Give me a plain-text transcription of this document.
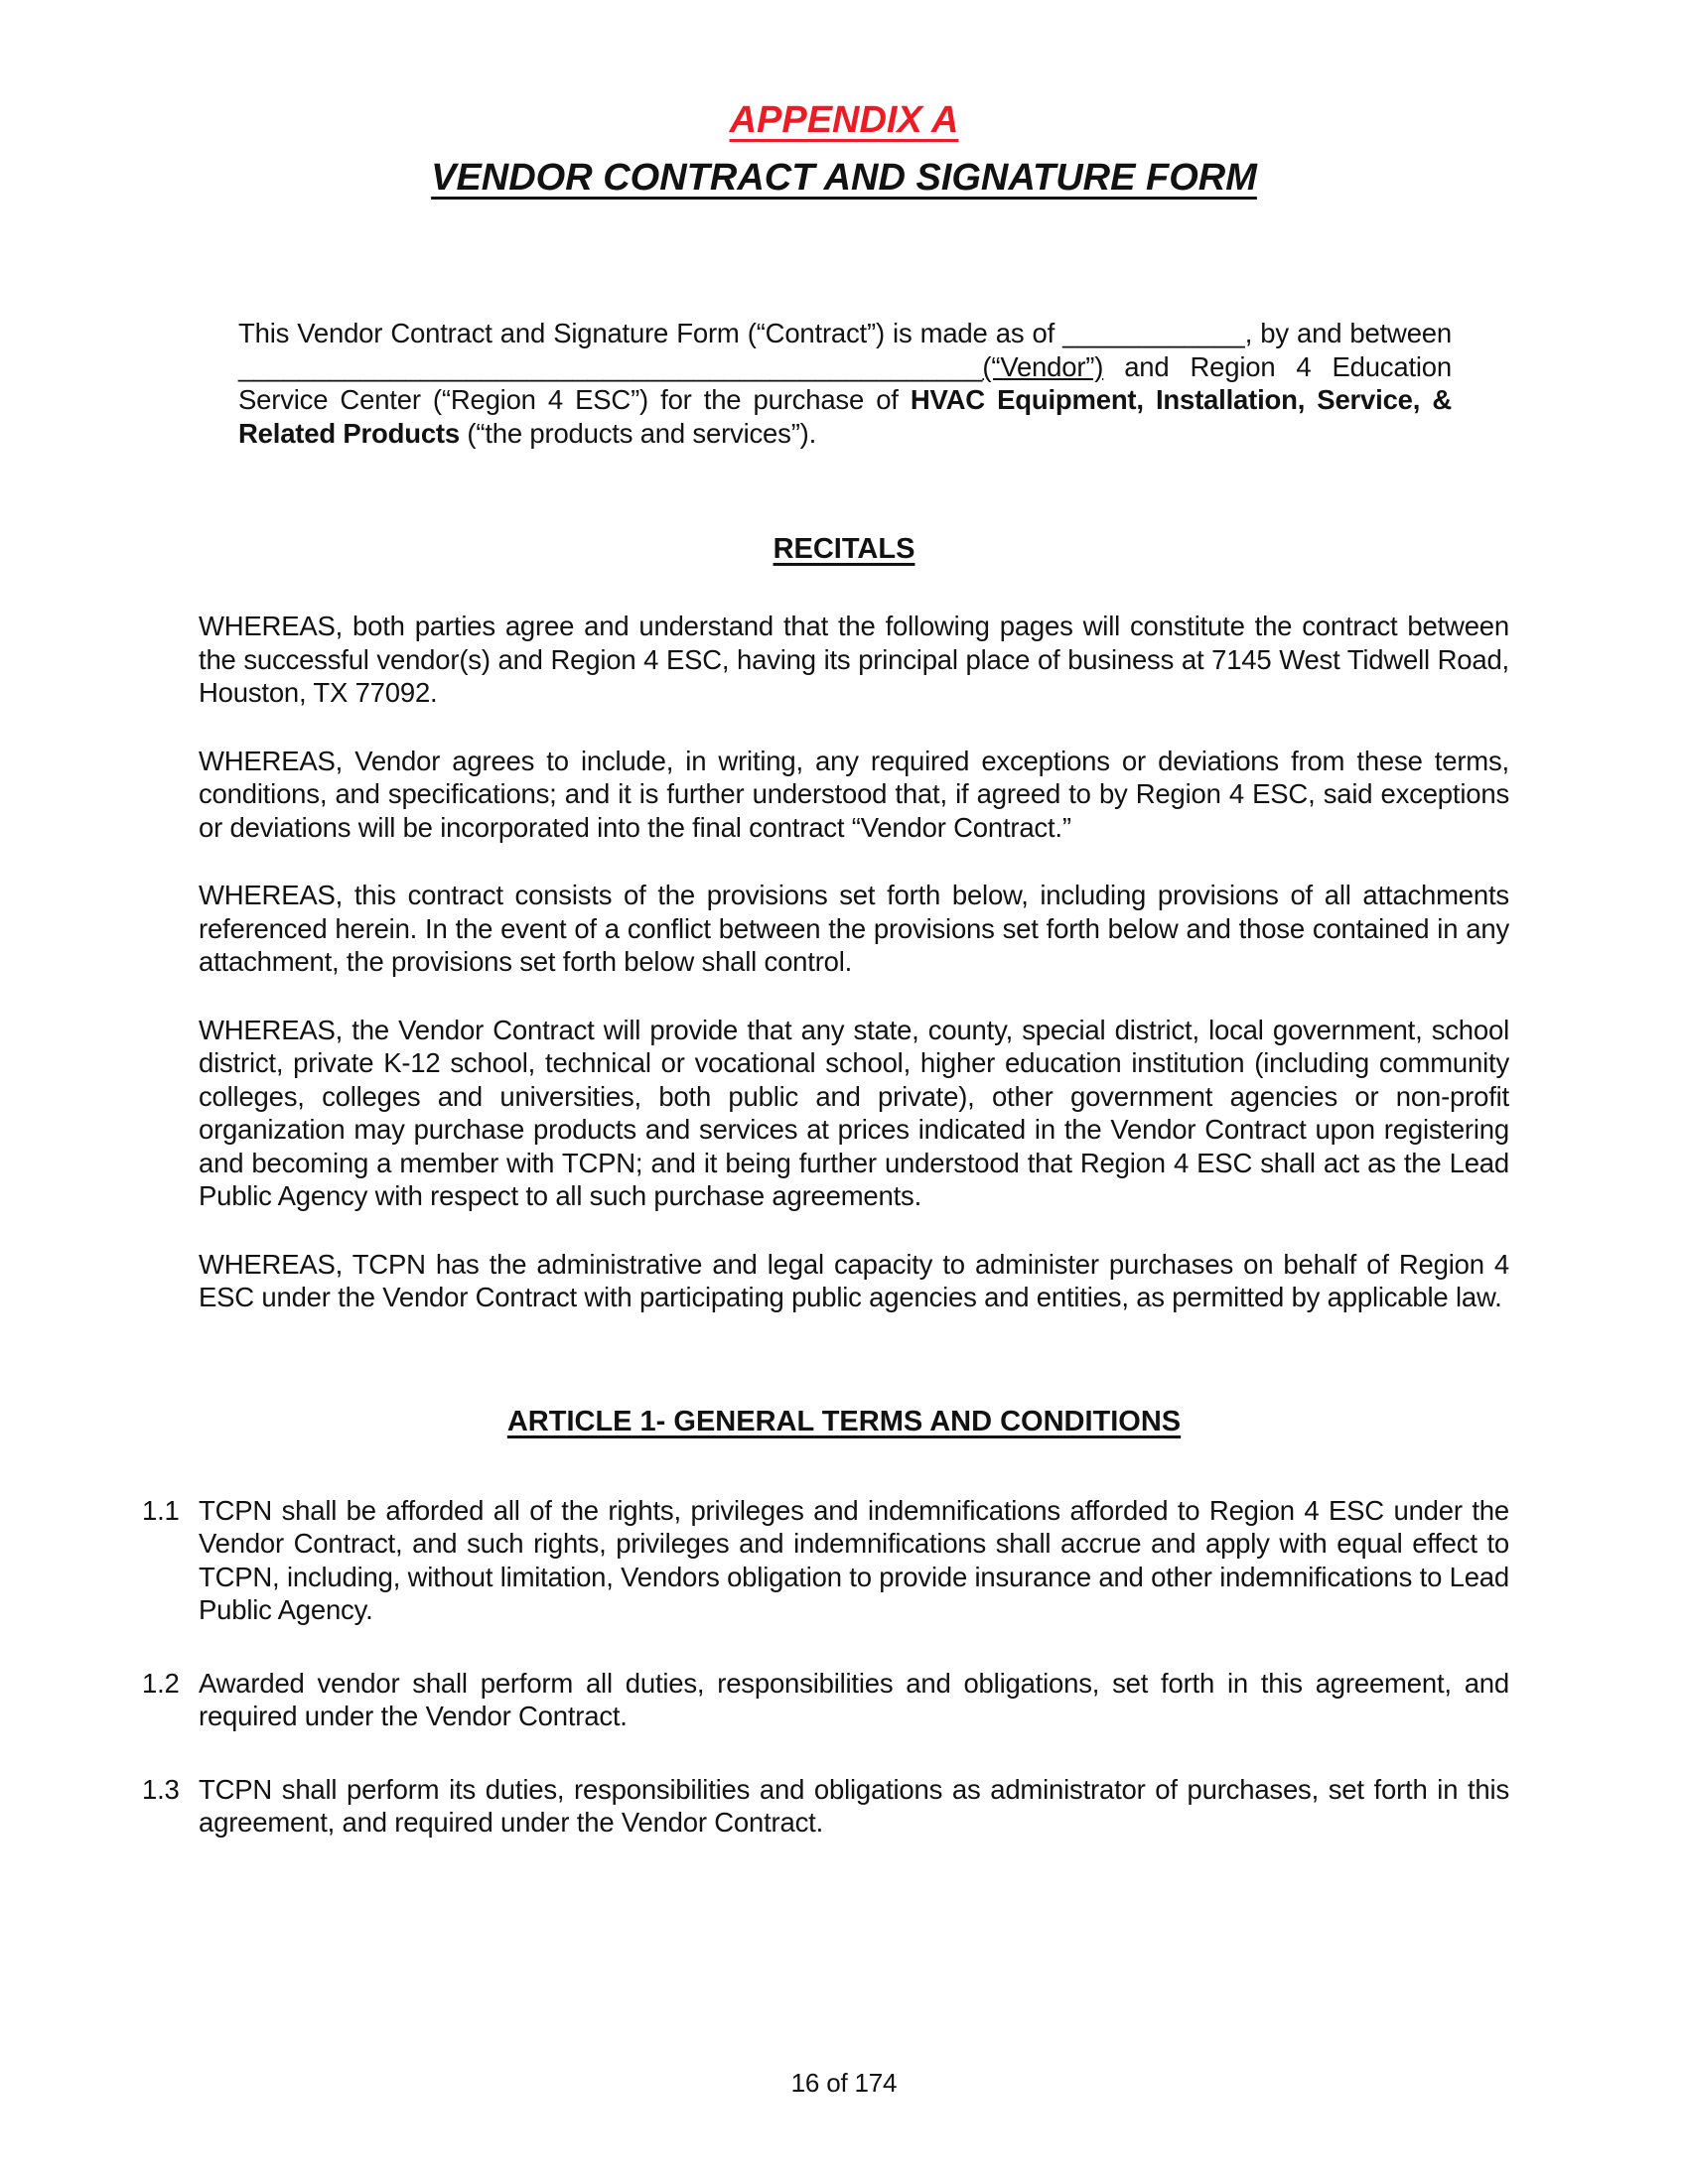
APPENDIX A
VENDOR CONTRACT AND SIGNATURE FORM

This Vendor Contract and Signature Form (“Contract”) is made as of ____________, by and between _________________________________________________(“Vendor”) and Region 4 Education Service Center (“Region 4 ESC”) for the purchase of HVAC Equipment, Installation, Service, & Related Products (“the products and services”).

RECITALS

WHEREAS, both parties agree and understand that the following pages will constitute the contract between the successful vendor(s) and Region 4 ESC, having its principal place of business at 7145 West Tidwell Road, Houston, TX 77092.

WHEREAS, Vendor agrees to include, in writing, any required exceptions or deviations from these terms, conditions, and specifications; and it is further understood that, if agreed to by Region 4 ESC, said exceptions or deviations will be incorporated into the final contract “Vendor Contract.”

WHEREAS, this contract consists of the provisions set forth below, including provisions of all attachments referenced herein. In the event of a conflict between the provisions set forth below and those contained in any attachment, the provisions set forth below shall control.

WHEREAS, the Vendor Contract will provide that any state, county, special district, local government, school district, private K-12 school, technical or vocational school, higher education institution (including community colleges, colleges and universities, both public and private), other government agencies or non-profit organization may purchase products and services at prices indicated in the Vendor Contract upon registering and becoming a member with TCPN; and it being further understood that Region 4 ESC shall act as the Lead Public Agency with respect to all such purchase agreements.

WHEREAS, TCPN has the administrative and legal capacity to administer purchases on behalf of Region 4 ESC under the Vendor Contract with participating public agencies and entities, as permitted by applicable law.

ARTICLE 1- GENERAL TERMS AND CONDITIONS
1.1 TCPN shall be afforded all of the rights, privileges and indemnifications afforded to Region 4 ESC under the Vendor Contract, and such rights, privileges and indemnifications shall accrue and apply with equal effect to TCPN, including, without limitation, Vendors obligation to provide insurance and other indemnifications to Lead Public Agency.

1.2 Awarded vendor shall perform all duties, responsibilities and obligations, set forth in this agreement, and required under the Vendor Contract.

1.3 TCPN shall perform its duties, responsibilities and obligations as administrator of purchases, set forth in this agreement, and required under the Vendor Contract.

16 of 174
